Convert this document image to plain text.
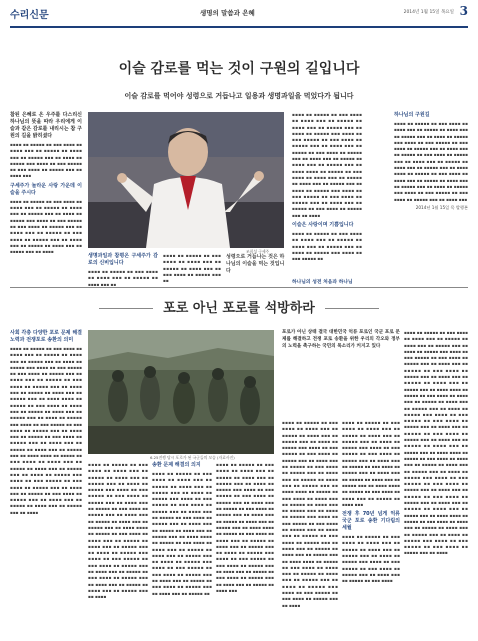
수리신문	생명의 말씀과 은혜	2014년 1월 15일 목요일 3
이슬 감로를 먹는 것이 구원의 길입니다
이슬 감로를 먹어야 성령으로 거듭나고 일용과 생명과일을 먹었다가 됩니다
참된 은혜로 온 우주를 다스리신 하나님의 뜻을 따라 우리에게 이슬과 같은 감로를 내리시는 참 구원의 길을 밝히셨다
▪▪▪▪ ▪▪ ▪▪▪▪▪ ▪▪ ▪▪▪ ▪▪▪▪ ▪▪ ▪▪▪▪ ▪▪▪ ▪▪ ▪▪▪▪▪ ▪▪ ▪▪▪▪ ▪▪▪ ▪▪ ▪▪▪▪▪ ▪▪▪ ▪▪ ▪▪▪▪ ▪▪ ▪▪▪▪▪ ▪▪▪ ▪▪▪▪ ▪▪ ▪▪▪ ▪▪▪▪▪ ▪▪ ▪▪▪ ▪▪▪▪ ▪▪ ▪▪▪▪▪ ▪▪▪ ▪▪ ▪▪▪▪ ▪▪▪
구세주가 놀라운 사랑 가운데 이슬을 주시다
▪▪▪▪ ▪▪ ▪▪▪▪▪ ▪▪ ▪▪▪ ▪▪▪▪ ▪▪ ▪▪▪▪ ▪▪▪ ▪▪ ▪▪▪▪▪ ▪▪ ▪▪▪▪ ▪▪▪ ▪▪ ▪▪▪▪▪ ▪▪▪ ▪▪ ▪▪▪▪ ▪▪ ▪▪▪▪▪ ▪▪▪ ▪▪▪▪ ▪▪ ▪▪▪ ▪▪▪▪▪ ▪▪ ▪▪▪ ▪▪▪▪ ▪▪ ▪▪▪▪▪ ▪▪▪ ▪▪ ▪▪▪▪ ▪▪▪ ▪▪ ▪▪▪▪▪ ▪▪ ▪▪▪ ▪▪▪▪ ▪▪ ▪▪▪▪▪ ▪▪▪ ▪▪ ▪▪▪▪ ▪▪▪ ▪▪ ▪▪▪▪▪ ▪▪ ▪▪▪▪ ▪▪▪ ▪▪ ▪▪▪▪▪ ▪▪▪ ▪▪ ▪▪▪▪	조희성 구세주
생명과일과 참평온 구세주가 감로의 신비입니다
▪▪▪▪ ▪▪ ▪▪▪▪▪ ▪▪ ▪▪▪ ▪▪▪▪ ▪▪ ▪▪▪▪ ▪▪▪ ▪▪ ▪▪▪▪▪ ▪▪ ▪▪▪▪ ▪▪▪ ▪▪
▪▪▪▪ ▪▪ ▪▪▪▪▪ ▪▪ ▪▪▪ ▪▪▪▪ ▪▪ ▪▪▪▪ ▪▪▪ ▪▪ ▪▪▪▪▪ ▪▪ ▪▪▪▪ ▪▪▪ ▪▪ ▪▪▪ ▪▪▪▪ ▪▪ ▪▪▪▪▪ ▪▪▪ ▪▪
성령으로 거듭나는 것은 하나님의 이슬을 먹는 것입니다
▪▪▪▪ ▪▪ ▪▪▪▪▪ ▪▪ ▪▪▪ ▪▪▪▪ ▪▪ ▪▪▪▪ ▪▪▪ ▪▪ ▪▪▪▪▪ ▪▪ ▪▪▪▪ ▪▪▪ ▪▪ ▪▪▪▪▪ ▪▪▪ ▪▪ ▪▪▪▪ ▪▪ ▪▪▪▪▪ ▪▪▪ ▪▪▪▪ ▪▪ ▪▪▪ ▪▪▪▪▪ ▪▪ ▪▪▪ ▪▪▪▪ ▪▪ ▪▪▪▪▪ ▪▪▪ ▪▪ ▪▪▪▪ ▪▪▪ ▪▪ ▪▪▪▪▪ ▪▪ ▪▪▪ ▪▪▪▪ ▪▪ ▪▪▪▪▪ ▪▪▪ ▪▪ ▪▪▪▪ ▪▪▪ ▪▪ ▪▪▪▪▪ ▪▪ ▪▪▪▪ ▪▪▪ ▪▪ ▪▪▪▪▪ ▪▪▪ ▪▪ ▪▪▪▪ ▪▪▪▪ ▪▪ ▪▪▪▪▪ ▪▪ ▪▪▪ ▪▪▪▪ ▪▪ ▪▪▪▪ ▪▪▪ ▪▪ ▪▪▪▪▪ ▪▪ ▪▪▪▪ ▪▪▪ ▪▪ ▪▪▪▪▪ ▪▪▪ ▪▪ ▪▪▪▪ ▪▪ ▪▪▪▪▪ ▪▪▪ ▪▪▪▪ ▪▪ ▪▪▪ ▪▪▪▪▪ ▪▪ ▪▪▪ ▪▪▪▪ ▪▪ ▪▪▪▪▪ ▪▪▪ ▪▪ ▪▪▪▪ ▪▪▪ ▪▪ ▪▪▪▪▪ ▪▪ ▪▪▪ ▪▪▪▪ ▪▪ ▪▪▪▪▪ ▪▪▪ ▪▪ ▪▪▪▪
이슬은 사랑이며 기쁨입니다
▪▪▪▪ ▪▪ ▪▪▪▪▪ ▪▪ ▪▪▪ ▪▪▪▪ ▪▪ ▪▪▪▪ ▪▪▪ ▪▪ ▪▪▪▪▪ ▪▪ ▪▪▪▪ ▪▪▪ ▪▪ ▪▪▪▪▪ ▪▪▪ ▪▪ ▪▪▪▪ ▪▪ ▪▪▪▪▪ ▪▪▪ ▪▪▪▪ ▪▪ ▪▪▪ ▪▪▪▪▪ ▪▪
하나님의 구원길
▪▪▪▪ ▪▪ ▪▪▪▪▪ ▪▪ ▪▪▪ ▪▪▪▪ ▪▪ ▪▪▪▪ ▪▪▪ ▪▪ ▪▪▪▪▪ ▪▪ ▪▪▪▪ ▪▪▪ ▪▪ ▪▪▪▪▪ ▪▪▪ ▪▪ ▪▪▪▪ ▪▪ ▪▪▪▪▪ ▪▪▪ ▪▪▪▪ ▪▪ ▪▪▪ ▪▪▪▪▪ ▪▪ ▪▪▪ ▪▪▪▪ ▪▪ ▪▪▪▪▪ ▪▪▪ ▪▪ ▪▪▪▪ ▪▪▪ ▪▪ ▪▪▪▪▪ ▪▪ ▪▪▪ ▪▪▪▪ ▪▪ ▪▪▪▪▪ ▪▪▪ ▪▪ ▪▪▪▪ ▪▪▪ ▪▪ ▪▪▪▪▪ ▪▪ ▪▪▪▪ ▪▪▪ ▪▪ ▪▪▪▪▪ ▪▪▪ ▪▪ ▪▪▪▪ ▪▪▪▪ ▪▪ ▪▪▪▪▪ ▪▪ ▪▪▪ ▪▪▪▪ ▪▪ ▪▪▪▪ ▪▪▪ ▪▪ ▪▪▪▪▪ ▪▪ ▪▪▪▪ ▪▪▪ ▪▪ ▪▪▪▪▪ ▪▪▪ ▪▪ ▪▪▪▪ ▪▪ ▪▪▪▪▪ ▪▪▪ ▪▪▪▪ ▪▪ ▪▪▪ ▪▪▪▪▪ ▪▪ ▪▪▪ ▪▪▪▪ ▪▪ ▪▪▪▪▪ ▪▪▪ ▪▪ ▪▪▪▪ ▪▪▪
2014년 1월 15일 목 발행본
하나님의 성전 처음과 하나님
포로 아닌 포로를 석방하라
사회 각층 다양한 포로 문제 해결 노력과 전쟁포로 송환의 의미
▪▪▪▪ ▪▪ ▪▪▪▪▪ ▪▪ ▪▪▪ ▪▪▪▪ ▪▪ ▪▪▪▪ ▪▪▪ ▪▪ ▪▪▪▪▪ ▪▪ ▪▪▪▪ ▪▪▪ ▪▪ ▪▪▪▪▪ ▪▪▪ ▪▪ ▪▪▪▪ ▪▪ ▪▪▪▪▪ ▪▪▪ ▪▪▪▪ ▪▪ ▪▪▪ ▪▪▪▪▪ ▪▪ ▪▪▪ ▪▪▪▪ ▪▪ ▪▪▪▪▪ ▪▪▪ ▪▪ ▪▪▪▪ ▪▪▪ ▪▪ ▪▪▪▪▪ ▪▪ ▪▪▪ ▪▪▪▪ ▪▪ ▪▪▪▪▪ ▪▪▪ ▪▪ ▪▪▪▪ ▪▪▪ ▪▪ ▪▪▪▪▪ ▪▪ ▪▪▪▪ ▪▪▪ ▪▪ ▪▪▪▪▪ ▪▪▪ ▪▪ ▪▪▪▪ ▪▪▪▪ ▪▪ ▪▪▪▪▪ ▪▪ ▪▪▪ ▪▪▪▪ ▪▪ ▪▪▪▪ ▪▪▪ ▪▪ ▪▪▪▪▪ ▪▪ ▪▪▪▪ ▪▪▪ ▪▪ ▪▪▪▪▪ ▪▪▪ ▪▪ ▪▪▪▪ ▪▪ ▪▪▪▪▪ ▪▪▪ ▪▪▪▪ ▪▪ ▪▪▪ ▪▪▪▪▪ ▪▪ ▪▪▪ ▪▪▪▪ ▪▪ ▪▪▪▪▪ ▪▪▪ ▪▪ ▪▪▪▪ ▪▪▪ ▪▪ ▪▪▪▪▪ ▪▪ ▪▪▪ ▪▪▪▪ ▪▪ ▪▪▪▪▪ ▪▪▪ ▪▪ ▪▪▪▪ ▪▪▪ ▪▪ ▪▪▪▪▪ ▪▪ ▪▪▪▪ ▪▪▪ ▪▪ ▪▪▪▪▪ ▪▪▪ ▪▪ ▪▪▪▪ ▪▪▪▪ ▪▪ ▪▪▪▪▪ ▪▪ ▪▪▪ ▪▪▪▪ ▪▪ ▪▪▪▪ ▪▪▪ ▪▪ ▪▪▪▪▪ ▪▪ ▪▪▪▪ ▪▪▪ ▪▪ ▪▪▪▪▪ ▪▪▪ ▪▪ ▪▪▪▪ ▪▪ ▪▪▪▪▪ ▪▪▪ ▪▪▪▪ ▪▪ ▪▪▪ ▪▪▪▪▪ ▪▪ ▪▪▪ ▪▪▪▪ ▪▪ ▪▪▪▪▪ ▪▪▪ ▪▪ ▪▪▪▪ ▪▪▪ ▪▪ ▪▪▪▪▪ ▪▪ ▪▪▪ ▪▪▪▪ ▪▪ ▪▪▪▪▪ ▪▪▪ ▪▪ ▪▪▪▪ ▪▪▪ ▪▪ ▪▪▪▪▪ ▪▪ ▪▪▪▪ ▪▪▪ ▪▪ ▪▪▪▪▪ ▪▪▪ ▪▪ ▪▪▪▪
6.25전쟁 당시 포로가 된 국군들의 모습 (자료사진)
▪▪▪▪ ▪▪ ▪▪▪▪▪ ▪▪ ▪▪▪ ▪▪▪▪ ▪▪ ▪▪▪▪ ▪▪▪ ▪▪ ▪▪▪▪▪ ▪▪ ▪▪▪▪ ▪▪▪ ▪▪ ▪▪▪▪▪ ▪▪▪ ▪▪ ▪▪▪▪ ▪▪ ▪▪▪▪▪ ▪▪▪ ▪▪▪▪ ▪▪ ▪▪▪ ▪▪▪▪▪ ▪▪ ▪▪▪ ▪▪▪▪ ▪▪ ▪▪▪▪▪ ▪▪▪ ▪▪ ▪▪▪▪ ▪▪▪ ▪▪ ▪▪▪▪▪ ▪▪ ▪▪▪ ▪▪▪▪ ▪▪ ▪▪▪▪▪ ▪▪▪ ▪▪ ▪▪▪▪ ▪▪▪ ▪▪ ▪▪▪▪▪ ▪▪ ▪▪▪▪ ▪▪▪ ▪▪ ▪▪▪▪▪ ▪▪▪ ▪▪ ▪▪▪▪ ▪▪▪▪ ▪▪ ▪▪▪▪▪ ▪▪ ▪▪▪ ▪▪▪▪ ▪▪ ▪▪▪▪ ▪▪▪ ▪▪ ▪▪▪▪▪ ▪▪ ▪▪▪▪ ▪▪▪ ▪▪ ▪▪▪▪▪ ▪▪▪ ▪▪ ▪▪▪▪ ▪▪ ▪▪▪▪▪ ▪▪▪ ▪▪▪▪ ▪▪ ▪▪▪ ▪▪▪▪▪ ▪▪ ▪▪▪ ▪▪▪▪ ▪▪ ▪▪▪▪▪ ▪▪▪ ▪▪ ▪▪▪▪ ▪▪▪ ▪▪ ▪▪▪▪▪ ▪▪ ▪▪▪ ▪▪▪▪ ▪▪ ▪▪▪▪▪ ▪▪▪ ▪▪ ▪▪▪▪ ▪▪▪ ▪▪ ▪▪▪▪▪ ▪▪ ▪▪▪▪ ▪▪▪ ▪▪ ▪▪▪▪▪ ▪▪▪ ▪▪ ▪▪▪▪
송환 문제 해결의 의지
▪▪▪▪ ▪▪ ▪▪▪▪▪ ▪▪ ▪▪▪ ▪▪▪▪ ▪▪ ▪▪▪▪ ▪▪▪ ▪▪ ▪▪▪▪▪ ▪▪ ▪▪▪▪ ▪▪▪ ▪▪ ▪▪▪▪▪ ▪▪▪ ▪▪ ▪▪▪▪ ▪▪ ▪▪▪▪▪ ▪▪▪ ▪▪▪▪ ▪▪ ▪▪▪ ▪▪▪▪▪ ▪▪ ▪▪▪ ▪▪▪▪ ▪▪ ▪▪▪▪▪ ▪▪▪ ▪▪ ▪▪▪▪ ▪▪▪ ▪▪ ▪▪▪▪▪ ▪▪ ▪▪▪ ▪▪▪▪ ▪▪ ▪▪▪▪▪ ▪▪▪ ▪▪ ▪▪▪▪ ▪▪▪ ▪▪ ▪▪▪▪▪ ▪▪ ▪▪▪▪ ▪▪▪ ▪▪ ▪▪▪▪▪ ▪▪▪ ▪▪ ▪▪▪▪ ▪▪▪▪ ▪▪ ▪▪▪▪▪ ▪▪ ▪▪▪ ▪▪▪▪ ▪▪ ▪▪▪▪ ▪▪▪ ▪▪ ▪▪▪▪▪ ▪▪ ▪▪▪▪ ▪▪▪ ▪▪ ▪▪▪▪▪ ▪▪▪ ▪▪ ▪▪▪▪ ▪▪ ▪▪▪▪▪ ▪▪▪ ▪▪▪▪ ▪▪ ▪▪▪ ▪▪▪▪▪ ▪▪ ▪▪▪ ▪▪▪▪ ▪▪ ▪▪▪▪▪ ▪▪▪ ▪▪ ▪▪▪▪ ▪▪▪ ▪▪ ▪▪▪▪▪ ▪▪ ▪▪▪ ▪▪▪▪ ▪▪ ▪▪▪▪▪ ▪▪▪ ▪▪ ▪▪▪▪ ▪▪▪ ▪▪ ▪▪▪▪▪ ▪▪
▪▪▪▪ ▪▪ ▪▪▪▪▪ ▪▪ ▪▪▪ ▪▪▪▪ ▪▪ ▪▪▪▪ ▪▪▪ ▪▪ ▪▪▪▪▪ ▪▪ ▪▪▪▪ ▪▪▪ ▪▪ ▪▪▪▪▪ ▪▪▪ ▪▪ ▪▪▪▪ ▪▪ ▪▪▪▪▪ ▪▪▪ ▪▪▪▪ ▪▪ ▪▪▪ ▪▪▪▪▪ ▪▪ ▪▪▪ ▪▪▪▪ ▪▪ ▪▪▪▪▪ ▪▪▪ ▪▪ ▪▪▪▪ ▪▪▪ ▪▪ ▪▪▪▪▪ ▪▪ ▪▪▪ ▪▪▪▪ ▪▪ ▪▪▪▪▪ ▪▪▪ ▪▪ ▪▪▪▪ ▪▪▪ ▪▪ ▪▪▪▪▪ ▪▪ ▪▪▪▪ ▪▪▪ ▪▪ ▪▪▪▪▪ ▪▪▪ ▪▪ ▪▪▪▪ ▪▪▪▪ ▪▪ ▪▪▪▪▪ ▪▪ ▪▪▪ ▪▪▪▪ ▪▪ ▪▪▪▪ ▪▪▪ ▪▪ ▪▪▪▪▪ ▪▪ ▪▪▪▪ ▪▪▪ ▪▪ ▪▪▪▪▪ ▪▪▪ ▪▪ ▪▪▪▪ ▪▪ ▪▪▪▪▪ ▪▪▪ ▪▪▪▪ ▪▪ ▪▪▪ ▪▪▪▪▪ ▪▪ ▪▪▪ ▪▪▪▪ ▪▪ ▪▪▪▪▪ ▪▪▪ ▪▪ ▪▪▪▪ ▪▪▪ ▪▪ ▪▪▪▪▪ ▪▪ ▪▪▪ ▪▪▪▪ ▪▪ ▪▪▪▪▪ ▪▪▪ ▪▪ ▪▪▪▪ ▪▪▪ ▪▪ ▪▪▪▪▪ ▪▪ ▪▪▪▪ ▪▪▪
포로가 아닌 상태 결국 대한민국 억류 포로인 국군 포로 문제를 해결하고 전쟁 포로 송환을 위한 우리의 각오와 정부의 노력을 촉구하는 국민의 목소리가 커지고 있다
▪▪▪▪ ▪▪ ▪▪▪▪▪ ▪▪ ▪▪▪ ▪▪▪▪ ▪▪ ▪▪▪▪ ▪▪▪ ▪▪ ▪▪▪▪▪ ▪▪ ▪▪▪▪ ▪▪▪ ▪▪ ▪▪▪▪▪ ▪▪▪ ▪▪ ▪▪▪▪ ▪▪ ▪▪▪▪▪ ▪▪▪ ▪▪▪▪ ▪▪ ▪▪▪ ▪▪▪▪▪ ▪▪ ▪▪▪ ▪▪▪▪ ▪▪ ▪▪▪▪▪ ▪▪▪ ▪▪ ▪▪▪▪ ▪▪▪ ▪▪ ▪▪▪▪▪ ▪▪ ▪▪▪ ▪▪▪▪ ▪▪ ▪▪▪▪▪ ▪▪▪ ▪▪ ▪▪▪▪ ▪▪▪ ▪▪ ▪▪▪▪▪ ▪▪ ▪▪▪▪ ▪▪▪ ▪▪ ▪▪▪▪▪ ▪▪▪ ▪▪ ▪▪▪▪ ▪▪▪▪ ▪▪ ▪▪▪▪▪ ▪▪ ▪▪▪ ▪▪▪▪ ▪▪ ▪▪▪▪ ▪▪▪ ▪▪ ▪▪▪▪▪ ▪▪ ▪▪▪▪ ▪▪▪ ▪▪ ▪▪▪▪▪ ▪▪▪ ▪▪ ▪▪▪▪ ▪▪ ▪▪▪▪▪ ▪▪▪ ▪▪▪▪ ▪▪ ▪▪▪ ▪▪▪▪▪ ▪▪ ▪▪▪ ▪▪▪▪ ▪▪ ▪▪▪▪▪ ▪▪▪ ▪▪ ▪▪▪▪ ▪▪▪ ▪▪ ▪▪▪▪▪ ▪▪ ▪▪▪ ▪▪▪▪ ▪▪ ▪▪▪▪▪ ▪▪▪ ▪▪ ▪▪▪▪ ▪▪▪ ▪▪ ▪▪▪▪▪ ▪▪ ▪▪▪▪ ▪▪▪ ▪▪ ▪▪▪▪▪ ▪▪▪ ▪▪ ▪▪▪▪ ▪▪▪▪ ▪▪ ▪▪▪▪▪ ▪▪ ▪▪▪ ▪▪▪▪ ▪▪ ▪▪▪▪ ▪▪▪ ▪▪ ▪▪▪▪▪ ▪▪ ▪▪▪▪ ▪▪▪ ▪▪ ▪▪▪▪▪ ▪▪▪ ▪▪ ▪▪▪▪ ▪▪ ▪▪▪▪▪ ▪▪▪ ▪▪▪▪ ▪▪ ▪▪▪ ▪▪▪▪▪ ▪▪ ▪▪▪ ▪▪▪▪ ▪▪ ▪▪▪▪▪ ▪▪▪ ▪▪ ▪▪▪▪
▪▪▪▪ ▪▪ ▪▪▪▪▪ ▪▪ ▪▪▪ ▪▪▪▪ ▪▪ ▪▪▪▪ ▪▪▪ ▪▪ ▪▪▪▪▪ ▪▪ ▪▪▪▪ ▪▪▪ ▪▪ ▪▪▪▪▪ ▪▪▪ ▪▪ ▪▪▪▪ ▪▪ ▪▪▪▪▪ ▪▪▪ ▪▪▪▪ ▪▪ ▪▪▪ ▪▪▪▪▪ ▪▪ ▪▪▪ ▪▪▪▪ ▪▪ ▪▪▪▪▪ ▪▪▪ ▪▪ ▪▪▪▪ ▪▪▪ ▪▪ ▪▪▪▪▪ ▪▪ ▪▪▪ ▪▪▪▪ ▪▪ ▪▪▪▪▪ ▪▪▪ ▪▪ ▪▪▪▪ ▪▪▪ ▪▪ ▪▪▪▪▪ ▪▪ ▪▪▪▪ ▪▪▪ ▪▪ ▪▪▪▪▪ ▪▪▪ ▪▪ ▪▪▪▪ ▪▪▪▪ ▪▪ ▪▪▪▪▪ ▪▪ ▪▪▪ ▪▪▪▪ ▪▪ ▪▪▪▪ ▪▪▪ ▪▪ ▪▪▪▪▪ ▪▪ ▪▪▪▪ ▪▪▪
전쟁 후 70년 넘게 억류 국군 포로 송환 기다림의 세월
▪▪▪▪ ▪▪ ▪▪▪▪▪ ▪▪ ▪▪▪ ▪▪▪▪ ▪▪ ▪▪▪▪ ▪▪▪ ▪▪ ▪▪▪▪▪ ▪▪ ▪▪▪▪ ▪▪▪ ▪▪ ▪▪▪▪▪ ▪▪▪ ▪▪ ▪▪▪▪ ▪▪ ▪▪▪▪▪ ▪▪▪ ▪▪▪▪ ▪▪ ▪▪▪ ▪▪▪▪▪ ▪▪ ▪▪▪ ▪▪▪▪ ▪▪ ▪▪▪▪▪ ▪▪▪ ▪▪ ▪▪▪▪ ▪▪▪ ▪▪ ▪▪▪▪▪ ▪▪ ▪▪▪ ▪▪▪▪
▪▪▪▪ ▪▪ ▪▪▪▪▪ ▪▪ ▪▪▪ ▪▪▪▪ ▪▪ ▪▪▪▪ ▪▪▪ ▪▪ ▪▪▪▪▪ ▪▪ ▪▪▪▪ ▪▪▪ ▪▪ ▪▪▪▪▪ ▪▪▪ ▪▪ ▪▪▪▪ ▪▪ ▪▪▪▪▪ ▪▪▪ ▪▪▪▪ ▪▪ ▪▪▪ ▪▪▪▪▪ ▪▪ ▪▪▪ ▪▪▪▪ ▪▪ ▪▪▪▪▪ ▪▪▪ ▪▪ ▪▪▪▪ ▪▪▪ ▪▪ ▪▪▪▪▪ ▪▪ ▪▪▪ ▪▪▪▪ ▪▪ ▪▪▪▪▪ ▪▪▪ ▪▪ ▪▪▪▪ ▪▪▪ ▪▪ ▪▪▪▪▪ ▪▪ ▪▪▪▪ ▪▪▪ ▪▪ ▪▪▪▪▪ ▪▪▪ ▪▪ ▪▪▪▪ ▪▪▪▪ ▪▪ ▪▪▪▪▪ ▪▪ ▪▪▪ ▪▪▪▪ ▪▪ ▪▪▪▪ ▪▪▪ ▪▪ ▪▪▪▪▪ ▪▪ ▪▪▪▪ ▪▪▪ ▪▪ ▪▪▪▪▪ ▪▪▪ ▪▪ ▪▪▪▪ ▪▪ ▪▪▪▪▪ ▪▪▪ ▪▪▪▪ ▪▪ ▪▪▪ ▪▪▪▪▪ ▪▪ ▪▪▪ ▪▪▪▪ ▪▪ ▪▪▪▪▪ ▪▪▪ ▪▪ ▪▪▪▪ ▪▪▪ ▪▪ ▪▪▪▪▪ ▪▪ ▪▪▪ ▪▪▪▪ ▪▪ ▪▪▪▪▪ ▪▪▪ ▪▪ ▪▪▪▪ ▪▪▪ ▪▪ ▪▪▪▪▪ ▪▪ ▪▪▪▪ ▪▪▪ ▪▪ ▪▪▪▪▪ ▪▪▪ ▪▪ ▪▪▪▪ ▪▪▪▪ ▪▪ ▪▪▪▪▪ ▪▪ ▪▪▪ ▪▪▪▪ ▪▪ ▪▪▪▪ ▪▪▪ ▪▪ ▪▪▪▪▪ ▪▪ ▪▪▪▪ ▪▪▪ ▪▪ ▪▪▪▪▪ ▪▪▪ ▪▪ ▪▪▪▪ ▪▪ ▪▪▪▪▪ ▪▪▪ ▪▪▪▪ ▪▪ ▪▪▪ ▪▪▪▪▪ ▪▪ ▪▪▪ ▪▪▪▪ ▪▪ ▪▪▪▪▪ ▪▪▪ ▪▪ ▪▪▪▪ ▪▪▪ ▪▪ ▪▪▪▪▪ ▪▪ ▪▪▪ ▪▪▪▪ ▪▪ ▪▪▪▪▪ ▪▪▪ ▪▪ ▪▪▪▪ ▪▪▪ ▪▪ ▪▪▪▪▪ ▪▪ ▪▪▪▪ ▪▪▪ ▪▪ ▪▪▪▪▪ ▪▪▪ ▪▪ ▪▪▪▪ ▪▪▪▪ ▪▪ ▪▪▪▪▪ ▪▪ ▪▪▪ ▪▪▪▪ ▪▪ ▪▪▪▪ ▪▪▪ ▪▪ ▪▪▪▪▪ ▪▪ ▪▪▪▪ ▪▪▪ ▪▪ ▪▪▪▪▪ ▪▪▪ ▪▪ ▪▪▪▪ ▪▪ ▪▪▪▪▪ ▪▪▪ ▪▪▪▪ ▪▪ ▪▪▪ ▪▪▪▪▪ ▪▪ ▪▪▪ ▪▪▪▪ ▪▪ ▪▪▪▪▪ ▪▪▪ ▪▪ ▪▪▪▪
